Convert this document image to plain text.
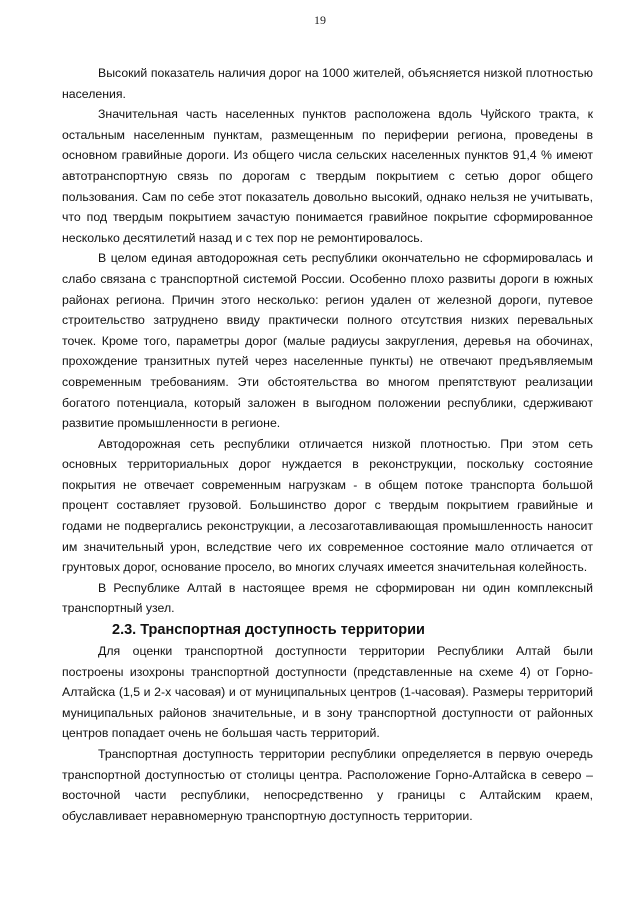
19

Высокий показатель наличия дорог на 1000 жителей, объясняется низкой плотностью населения.

Значительная часть населенных пунктов расположена вдоль Чуйского тракта, к остальным населенным пунктам, размещенным по периферии региона, проведены в основном гравийные дороги. Из общего числа сельских населенных пунктов 91,4 % имеют автотранспортную связь по дорогам с твердым покрытием с сетью дорог общего пользования. Сам по себе этот показатель довольно высокий, однако нельзя не учитывать, что под твердым покрытием зачастую понимается гравийное покрытие сформированное несколько десятилетий назад и с тех пор не ремонтировалось.

В целом единая автодорожная сеть республики окончательно не сформировалась и слабо связана с транспортной системой России. Особенно плохо развиты дороги в южных районах региона. Причин этого несколько: регион удален от железной дороги, путевое строительство затруднено ввиду практически полного отсутствия низких перевальных точек. Кроме того, параметры дорог (малые радиусы закругления, деревья на обочинах, прохождение транзитных путей через населенные пункты) не отвечают предъявляемым современным требованиям. Эти обстоятельства во многом препятствуют реализации богатого потенциала, который заложен в выгодном положении республики, сдерживают развитие промышленности в регионе.

Автодорожная сеть республики отличается низкой плотностью. При этом сеть основных территориальных дорог нуждается в реконструкции, поскольку состояние покрытия не отвечает современным нагрузкам - в общем потоке транспорта большой процент составляет грузовой. Большинство дорог с твердым покрытием гравийные и годами не подвергались реконструкции, а лесозаготавливающая промышленность наносит им значительный урон, вследствие чего их современное состояние мало отличается от грунтовых дорог, основание просело, во многих случаях имеется значительная колейность.

В Республике Алтай в настоящее время не сформирован ни один комплексный транспортный узел.

2.3. Транспортная доступность территории

Для оценки транспортной доступности территории Республики Алтай были построены изохроны транспортной доступности (представленные на схеме 4) от Горно-Алтайска (1,5 и 2-х часовая) и от муниципальных центров (1-часовая). Размеры территорий муниципальных районов значительные, и в зону транспортной доступности от районных центров попадает очень не большая часть территорий.

Транспортная доступность территории республики определяется в первую очередь транспортной доступностью от столицы центра. Расположение Горно-Алтайска в северо – восточной части республики, непосредственно у границы с Алтайским краем, обуславливает неравномерную транспортную доступность территории.
